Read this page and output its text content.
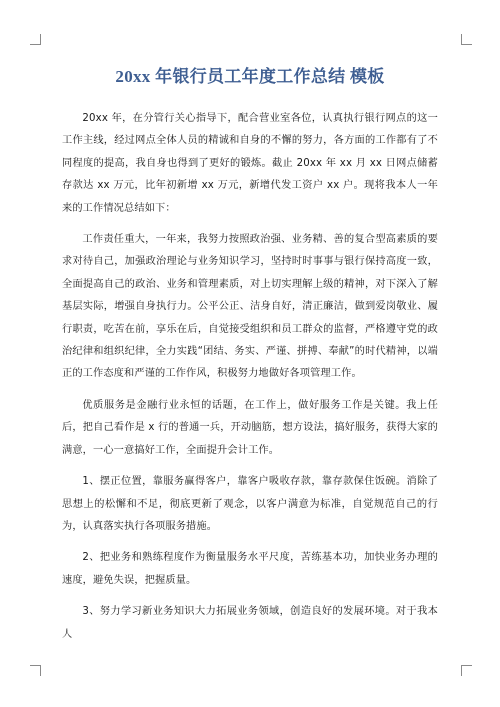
20xx 年银行员工年度工作总结 模板

20xx 年，在分管行关心指导下，配合营业室各位，认真执行银行网点的这一工作主线，经过网点全体人员的精诚和自身的不懈的努力，各方面的工作都有了不同程度的提高，我自身也得到了更好的锻炼。截止 20xx 年 xx 月 xx 日网点储蓄存款达 xx 万元，比年初新增 xx 万元，新增代发工资户 xx 户。现将我本人一年来的工作情况总结如下：

工作责任重大，一年来，我努力按照政治强、业务精、善的复合型高素质的要求对待自己，加强政治理论与业务知识学习，坚持时时事事与银行保持高度一致，全面提高自己的政治、业务和管理素质，对上切实理解上级的精神，对下深入了解基层实际，增强自身执行力。公平公正、洁身自好，清正廉洁，做到爱岗敬业、履行职责，吃苦在前，享乐在后，自觉接受组织和员工群众的监督，严格遵守党的政治纪律和组织纪律，全力实践“团结、务实、严谨、拼搏、奉献”的时代精神，以端正的工作态度和严谨的工作作风，积极努力地做好各项管理工作。

优质服务是金融行业永恒的话题，在工作上，做好服务工作是关键。我上任后，把自己看作是 x 行的普通一兵，开动脑筋，想方设法，搞好服务，获得大家的满意，一心一意搞好工作，全面提升会计工作。

1、摆正位置，靠服务赢得客户，靠客户吸收存款，靠存款保住饭碗。消除了思想上的松懈和不足，彻底更新了观念，以客户满意为标准，自觉规范自己的行为，认真落实执行各项服务措施。

2、把业务和熟练程度作为衡量服务水平尺度，苦练基本功，加快业务办理的速度，避免失误，把握质量。

3、努力学习新业务知识大力拓展业务领域，创造良好的发展环境。对于我本人
